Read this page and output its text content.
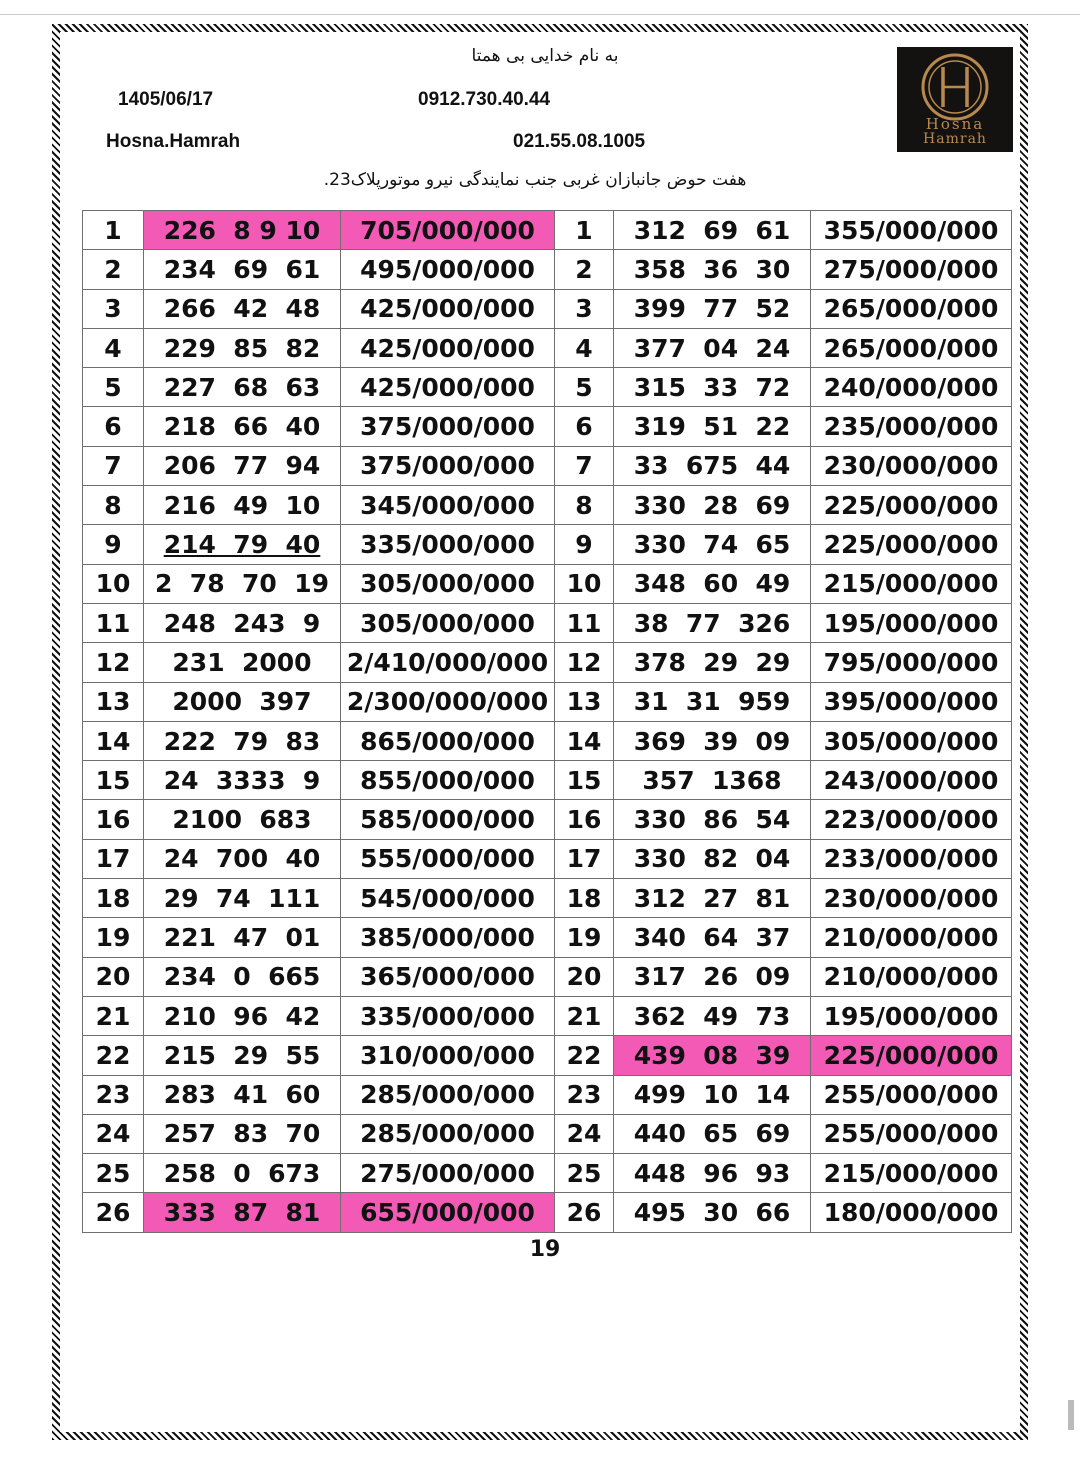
به نام خدایی بی همتا
1405/06/17	0912.730.40.44
Hosna.Hamrah	021.55.08.1005
Hosna
Hamrah
هفت حوض جانبازان غربی جنب نمایندگی نیرو موتورپلاک23.
1	226  8 9 10	705/000/000	1	312  69  61	355/000/000
2	234  69  61	495/000/000	2	358  36  30	275/000/000
3	266  42  48	425/000/000	3	399  77  52	265/000/000
4	229  85  82	425/000/000	4	377  04  24	265/000/000
5	227  68  63	425/000/000	5	315  33  72	240/000/000
6	218  66  40	375/000/000	6	319  51  22	235/000/000
7	206  77  94	375/000/000	7	33  675  44	230/000/000
8	216  49  10	345/000/000	8	330  28  69	225/000/000
9	214  79  40	335/000/000	9	330  74  65	225/000/000
10	2  78  70  19	305/000/000	10	348  60  49	215/000/000
11	248  243  9	305/000/000	11	38  77  326	195/000/000
12	231  2000	2/410/000/000	12	378  29  29	795/000/000
13	2000  397	2/300/000/000	13	31  31  959	395/000/000
14	222  79  83	865/000/000	14	369  39  09	305/000/000
15	24  3333  9	855/000/000	15	357  1368	243/000/000
16	2100  683	585/000/000	16	330  86  54	223/000/000
17	24  700  40	555/000/000	17	330  82  04	233/000/000
18	29  74  111	545/000/000	18	312  27  81	230/000/000
19	221  47  01	385/000/000	19	340  64  37	210/000/000
20	234  0  665	365/000/000	20	317  26  09	210/000/000
21	210  96  42	335/000/000	21	362  49  73	195/000/000
22	215  29  55	310/000/000	22	439  08  39	225/000/000
23	283  41  60	285/000/000	23	499  10  14	255/000/000
24	257  83  70	285/000/000	24	440  65  69	255/000/000
25	258  0  673	275/000/000	25	448  96  93	215/000/000
26	333  87  81	655/000/000	26	495  30  66	180/000/000
19
